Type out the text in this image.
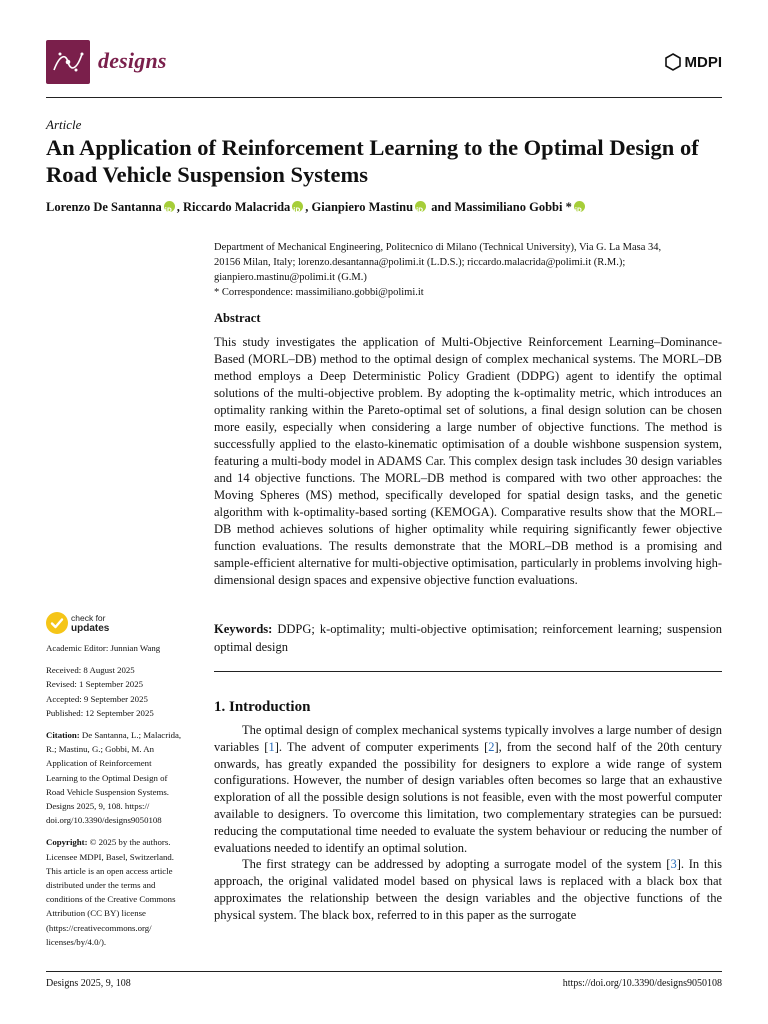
designs	MDPI
Article
An Application of Reinforcement Learning to the Optimal Design of Road Vehicle Suspension Systems
Lorenzo De Santanna iD , Riccardo Malacrida iD , Gianpiero MastinuiD and Massimiliano Gobbi *iD
Department of Mechanical Engineering, Politecnico di Milano (Technical University), Via G. La Masa 34,
20156 Milan, Italy; lorenzo.desantanna@polimi.it (L.D.S.); riccardo.malacrida@polimi.it (R.M.);
gianpiero.mastinu@polimi.it (G.M.)
* Correspondence: massimiliano.gobbi@polimi.it
Abstract
This study investigates the application of Multi-Objective Reinforcement Learning–Dominance-Based (MORL–DB) method to the optimal design of complex mechanical systems. The MORL–DB method employs a Deep Deterministic Policy Gradient (DDPG) agent to identify the optimal solutions of the multi-objective problem. By adopting the k-optimality metric, which introduces an optimality ranking within the Pareto-optimal set of solutions, a final design solution can be chosen more easily, especially when considering a large number of objective functions. The method is successfully applied to the elasto-kinematic optimisation of a double wishbone suspension system, featuring a multi-body model in ADAMS Car. This complex design task includes 30 design variables and 14 objective functions. The MORL–DB method is compared with two other approaches: the Moving Spheres (MS) method, specifically developed for spatial design tasks, and the genetic algorithm with k-optimality-based sorting (KEMOGA). Comparative results show that the MORL–DB method achieves solutions of higher optimality while requiring significantly fewer objective function evaluations. The results demonstrate that the MORL–DB method is a promising and sample-efficient alternative for multi-objective optimisation, particularly in problems involving high-dimensional design spaces and expensive objective function evaluations.
Keywords: DDPG; k-optimality; multi-objective optimisation; reinforcement learning; suspension optimal design
1. Introduction

The optimal design of complex mechanical systems typically involves a large number of design variables [1]. The advent of computer experiments [2], from the second half of the 20th century onwards, has greatly expanded the possibility for designers to explore a wide range of system configurations. However, the number of design variables often becomes so large that an exhaustive exploration of all the possible design solutions is not feasible, even with the most powerful computer available to designers. To overcome this limitation, two complementary strategies can be pursued: reducing the computational time needed to evaluate the system behaviour or reducing the number of evaluations needed to identify an optimal solution.

The first strategy can be addressed by adopting a surrogate model of the system [3]. In this approach, the original validated model based on physical laws is replaced with a black box that approximates the relationship between the design variables and the objective functions of the physical system. The black box, referred to in this paper as the surrogate

check for
updates
Academic Editor: Junnian Wang
Received: 8 August 2025
Revised: 1 September 2025
Accepted: 9 September 2025
Published: 12 September 2025
Citation: De Santanna, L.; Malacrida,
R.; Mastinu, G.; Gobbi, M. An
Application of Reinforcement
Learning to the Optimal Design of
Road Vehicle Suspension Systems.
Designs 2025, 9, 108. https://
doi.org/10.3390/designs9050108
Copyright: © 2025 by the authors.
Licensee MDPI, Basel, Switzerland.
This article is an open access article
distributed under the terms and
conditions of the Creative Commons
Attribution (CC BY) license
(https://creativecommons.org/
licenses/by/4.0/).
Designs 2025, 9, 108	https://doi.org/10.3390/designs9050108
